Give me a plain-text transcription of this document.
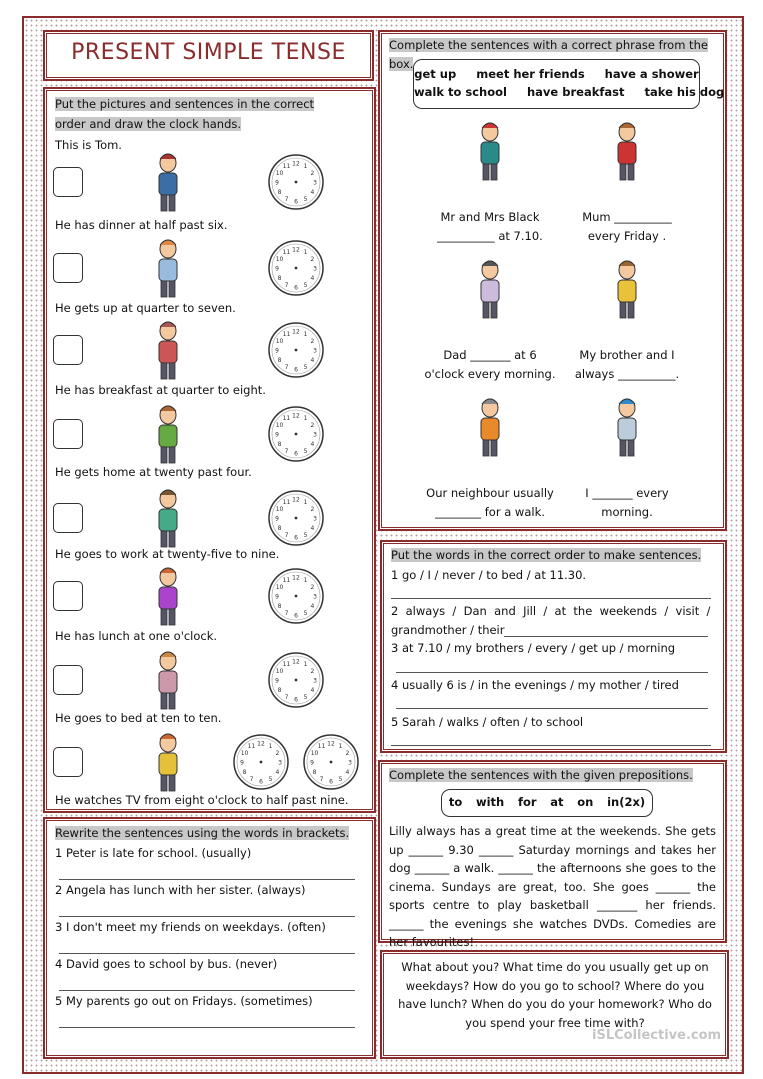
PRESENT SIMPLE TENSE
Put the pictures and sentences in the correct
order and draw the clock hands.
This is Tom.
He has dinner at half past six.
1
2
3
4
5
6
7
8
9
10
11 12
He gets up at quarter to seven.
1
2
3
4
5
6
7
8
9
10
11 12
He has breakfast at quarter to eight.
1
2
3
4
5
6
7
8
9
10
11 12
He gets home at twenty past four.
1
2
3
4
5
6
7
8
9
10
11 12
He goes to work at twenty-five to nine.
1
2
3
4
5
6
7
8
9
10
11 12
He has lunch at one o'clock.
1
2
3
4
5
6
7
8
9
10
11 12
He goes to bed at ten to ten.
1
2
3
4
5
6
7
8
9
10
11 12
He watches TV from eight o'clock to half past nine.
1
2
3
4
5
6
7
8
9
10
11 12	1
2
3
4
5
6
7
8
9
10
11 12
Rewrite the sentences using the words in brackets.
1 Peter is late for school. (usually)
2 Angela has lunch with her sister. (always)
3 I don't meet my friends on weekdays. (often)
4 David goes to school by bus. (never)
5 My parents go out on Fridays. (sometimes)
Complete the sentences with a correct phrase from the
box.
get up     meet her friends     have a shower
walk to school     have breakfast     take his dog
Mr and Mrs Black
__________ at 7.10.
Mum __________
every Friday .
Dad _______ at 6
o'clock every morning.
My brother and I
always __________.
Our neighbour usually
________ for a walk.
I _______ every
morning.
Put the words in the correct order to make sentences.
1 go / I / never / to bed / at 11.30.
2  always  /  Dan  and  Jill  /  at  the  weekends  /  visit  /
grandmother / their
3 at 7.10 / my brothers / every / get up / morning
4 usually 6 is / in the evenings / my mother / tired
5 Sarah / walks / often / to school
Complete the sentences with the given prepositions.
to with for at on in(2x)
Lilly always has a great time at the weekends. She gets up ______ 9.30 ______ Saturday mornings and takes her dog ______ a walk. ______ the afternoons she goes to the cinema. Sundays are great, too. She goes ______ the sports centre to play basketball _______ her friends. ______ the evenings she watches DVDs. Comedies are her favourites!
What about you? What time do you usually get up on weekdays? How do you go to school? Where do you have lunch? When do you do your homework? Who do you spend your free time with?
iSLCollective.com
